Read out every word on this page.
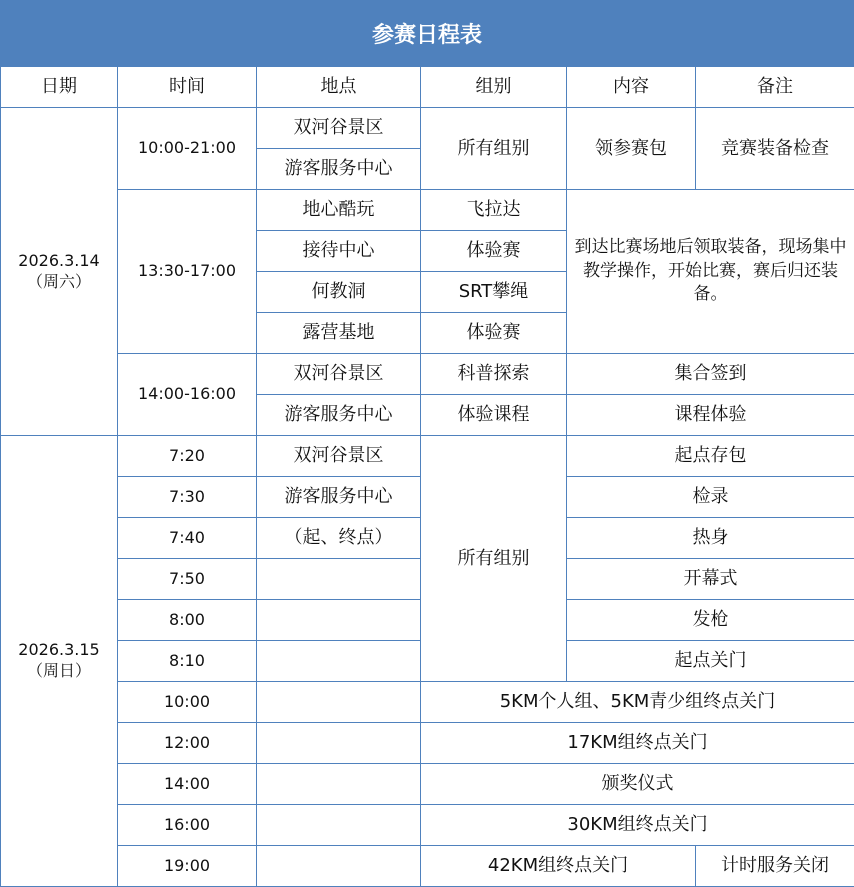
参赛日程表
日期	时间	地点	组别	内容	备注

2026.3.14
（周六）	10:00-21:00	双河谷景区	所有组别	领参赛包	竞赛装备检查
		游客服务中心			
	13:30-17:00	地心酷玩	飞拉达	到达比赛场地后领取装备，现场集中教学操作，开始比赛，赛后归还装备。	

		接待中心	体验赛		
		何教洞	SRT攀绳		
		露营基地	体验赛		
	14:00-16:00	双河谷景区	科普探索	集合签到	
		游客服务中心	体验课程	课程体验	

2026.3.15
（周日）	7:20	双河谷景区	所有组别	起点存包	
	7:30	游客服务中心		检录	
	7:40	（起、终点）		热身	
	7:50			开幕式	
	8:00			发枪	
	8:10			起点关门	
	10:00		5KM个人组、5KM青少组终点关门		
	12:00		17KM组终点关门		
	14:00		颁奖仪式		
	16:00		30KM组终点关门		
	19:00		42KM组终点关门		计时服务关闭
